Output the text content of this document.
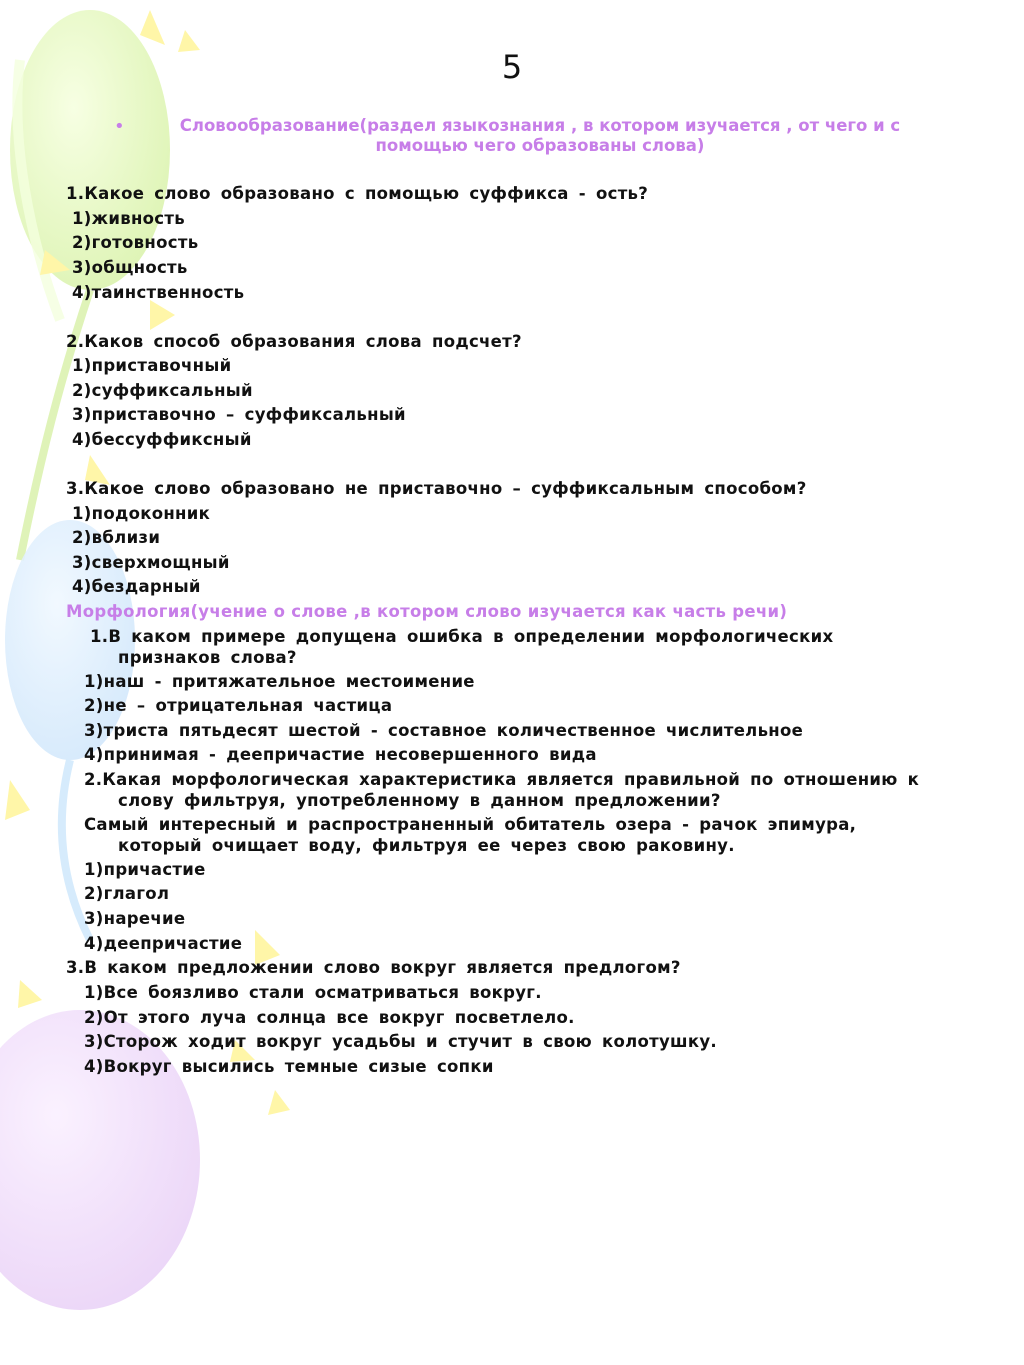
5
•	Словообразование(раздел языкознания , в котором изучается , от чего и с
помощью чего образованы слова)
1.Какое слово образовано с помощью суффикса - ость?
1)живность
2)готовность
3)общность
4)таинственность
2.Каков способ образования слова подсчет?
1)приставочный
2)суффиксальный
3)приставочно – суффиксальный
4)бессуффиксный
3.Какое слово образовано не приставочно – суффиксальным способом?
1)подоконник
2)вблизи
3)сверхмощный
4)бездарный
Морфология(учение о слове ,в котором слово изучается как часть речи)
1.В каком примере допущена ошибка в определении морфологических
признаков слова?
1)наш - притяжательное местоимение
2)не – отрицательная частица
3)триста пятьдесят шестой - составное количественное числительное
4)принимая - деепричастие несовершенного вида
2.Какая морфологическая характеристика является правильной по отношению к
слову фильтруя, употребленному в данном предложении?
Самый интересный и распространенный обитатель озера - рачок эпимура,
который очищает воду, фильтруя ее через свою раковину.
1)причастие
2)глагол
3)наречие
4)деепричастие
3.В каком предложении слово вокруг является предлогом?
1)Все боязливо стали осматриваться вокруг.
2)От этого луча солнца все вокруг посветлело.
3)Сторож ходит вокруг усадьбы и стучит в свою колотушку.
4)Вокруг высились темные сизые сопки
